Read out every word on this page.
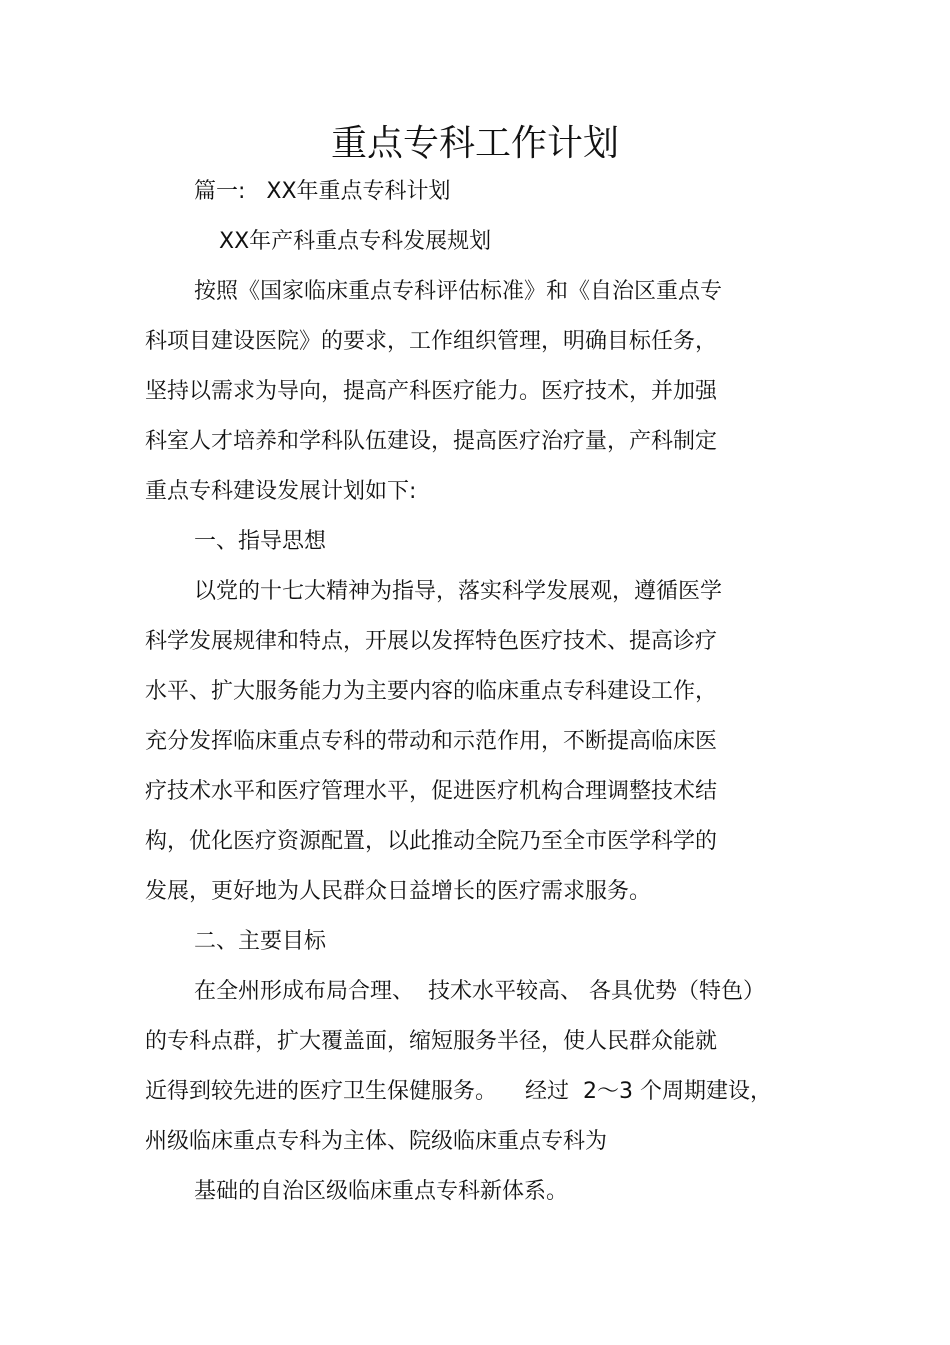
重点专科工作计划
篇一:   XX年重点专科计划
XX年产科重点专科发展规划
按照《国家临床重点专科评估标准》和《自治区重点专
科项目建设医院》的要求，工作组织管理，明确目标任务，
坚持以需求为导向，提高产科医疗能力。医疗技术，并加强
科室人才培养和学科队伍建设，提高医疗治疗量，产科制定
重点专科建设发展计划如下:
一、指导思想
以党的十七大精神为指导，落实科学发展观，遵循医学
科学发展规律和特点，开展以发挥特色医疗技术、提高诊疗
水平、扩大服务能力为主要内容的临床重点专科建设工作，
充分发挥临床重点专科的带动和示范作用，不断提高临床医
疗技术水平和医疗管理水平，促进医疗机构合理调整技术结
构，优化医疗资源配置，以此推动全院乃至全市医学科学的
发展，更好地为人民群众日益增长的医疗需求服务。
二、主要目标
在全州形成布局合理、  技术水平较高、 各具优势（特色）
的专科点群，扩大覆盖面，缩短服务半径，使人民群众能就
近得到较先进的医疗卫生保健服务。    经过  2～3 个周期建设，
州级临床重点专科为主体、院级临床重点专科为
基础的自治区级临床重点专科新体系。
